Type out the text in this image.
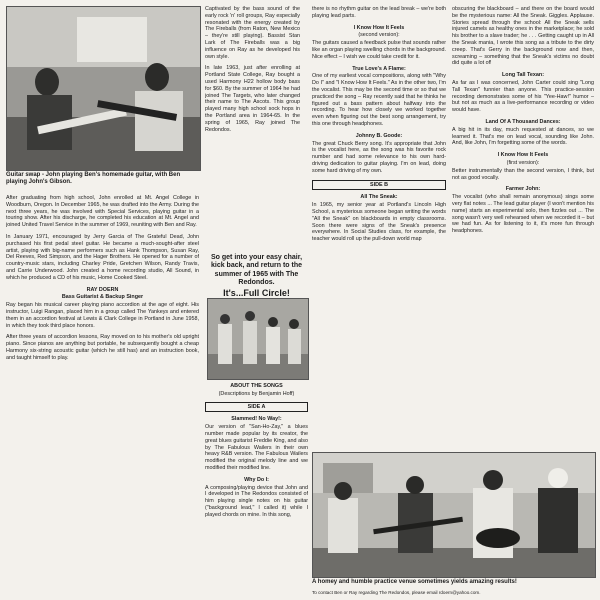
Guitar swap - John playing Ben's homemade guitar, with Ben playing John's Gibson.

After graduating from high school, John enrolled at Mt. Angel College in Woodburn, Oregon. In December 1965, he was drafted into the Army. During the next three years, he was involved with Special Services, playing guitar in a touring show. After his discharge, he completed his education at Mt. Angel and joined United Travel Service in the summer of 1969, reuniting with Ben and Ray.

In January 1971, encouraged by Jerry Garcia of The Grateful Dead, John purchased his first pedal steel guitar. He became a much-sought-after steel artist, playing with big-name performers such as Hank Thompson, Susan Ray, Del Reeves, Red Simpson, and the Hager Brothers. He opened for a number of country-music stars, including Charley Pride, Gretchen Wilson, Randy Travis, and Carrie Underwood. John created a home recording studio, All Sound, in which he produced a CD of his music, Home Cooked Steel.

RAY DOERN
Bass Guitarist & Backup Singer

Ray began his musical career playing piano accordion at the age of eight. His instructor, Luigi Rangan, placed him in a group called The Yankeys and entered them in an accordion festival at Lewis & Clark College in Portland in June 1958, in which they took third place honors.

After three years of accordion lessons, Ray moved on to his mother's old upright piano. Since pianos are anything but portable, he subsequently bought a cheap Harmony six-string acoustic guitar (which he still has) and an instruction book, and taught himself to play.

Captivated by the bass sound of the early rock 'n' roll groups, Ray especially resonated with the energy created by The Fireballs (from Raton, New Mexico – they're still playing). Bassist Stan Lark of The Fireballs was a big influence on Ray as he developed his own style.

In late 1963, just after enrolling at Portland State College, Ray bought a used Harmony H22 hollow body bass for $60. By the summer of 1964 he had joined The Targets, who later changed their name to The Ascots. This group played many high school sock hops in the Portland area in 1964-65. In the spring of 1965, Ray joined The Redondos.

So get into your easy chair, kick back, and return to the summer of 1965 with The Redondos.
It's...Full Circle!
ABOUT THE SONGS
(Descriptions by Benjamin Hoff)
SIDE A
Slammed! No Way!:

Our version of "San-Ho-Zay," a blues number made popular by its creator, the great blues guitarist Freddie King, and also by The Fabulous Wailers in their own heavy R&B version. The Fabulous Wailers modified the original melody line and we modified their modified line.

Why Do I:

A composing/playing device that John and I developed in The Redondos consisted of him playing single notes on his guitar ("background lead," I called it) while I played chords on mine. In this song,

there is no rhythm guitar on the lead break – we're both playing lead parts.

I Know How It Feels
(second version):

The guitars caused a feedback pulse that sounds rather like an organ playing swelling chords in the background. Nice effect – I wish we could take credit for it.

True Love's A Flame:

One of my earliest vocal compositions, along with "Why Do I" and "I Know How It Feels." As in the other two, I'm the vocalist. This may be the second time or so that we practiced the song – Ray recently said that he thinks he figured out a bass pattern about halfway into the recording. To hear how closely we worked together even when figuring out the best song arrangement, try this one through headphones.

Johnny B. Goode:

The great Chuck Berry song. It's appropriate that John is the vocalist here, as the song was his favorite rock number and had some relevance to his own hard-driving dedication to guitar playing. I'm on lead, doing some hard driving of my own.

SIDE B
All The Sneak:

In 1965, my senior year at Portland's Lincoln High School, a mysterious someone began writing the words "All the Sneak" on blackboards in empty classrooms. Soon there were signs of the Sneak's presence everywhere. In Social Studies class, for example, the teacher would roll up the pull-down world map

obscuring the blackboard – and there on the board would be the mysterious name: All the Sneak. Giggles. Applause. Stories spread through the school: All the Sneak sells injured camels as healthy ones in the marketplace; he sold his brother to a slave trader; he . . . Getting caught up in All the Sneak mania, I wrote this song as a tribute to the dirty creep. That's Gerry in the background now and then, screaming – something that the Sneak's victims no doubt did quite a lot of!

Long Tall Texan:

As far as I was concerned, John Carter could sing "Long Tall Texan" funnier than anyone. This practice-session recording demonstrates some of his "Yee-Haw!" humor – but not as much as a live-performance recording or video would have.

Land Of A Thousand Dances:

A big hit in its day, much requested at dances, so we learned it. That's me on lead vocal, sounding like John. And, like John, I'm forgetting some of the words.

I Know How It Feels
(first version):

Better instrumentally than the second version, I think, but not as good vocally.

Farmer John:

The vocalist (who shall remain anonymous) sings some very flat notes ... The lead guitar player (I won't mention his name) starts an experimental solo, then fizzles out ... The song wasn't very well rehearsed when we recorded it – but we had fun. As for listening to it, it's more fun through headphones.

A homey and humble practice venue sometimes yields amazing results!
To contact Ben or Ray regarding The Redondos, please email rdoern@yahoo.com.
